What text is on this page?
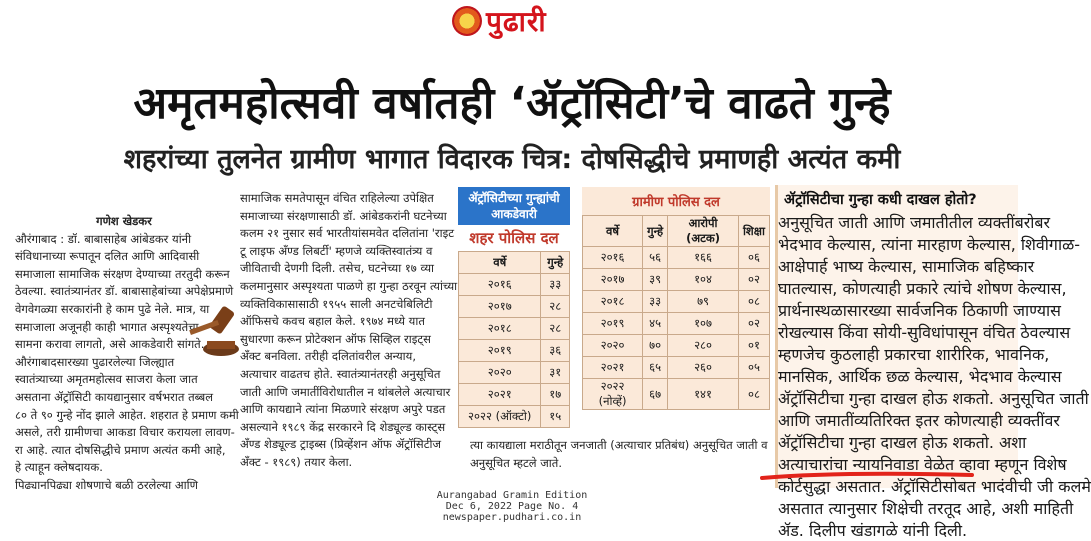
पुढारी
अमृतमहोत्सवी वर्षातही ‘ॲट्रॉसिटी’चे वाढते गुन्हे
शहरांच्या तुलनेत ग्रामीण भागात विदारक चित्र: दोषसिद्धीचे प्रमाणही अत्यंत कमी

गणेश खेडकर

औरंगाबाद : डॉ. बाबासाहेब आंबेडकर यांनी
संविधानाच्या रूपातून दलित आणि आदिवासी
समाजाला सामाजिक संरक्षण देण्याच्या तरतुदी करून
ठेवल्या. स्वातंत्र्यानंतर डॉ. बाबासाहेबांच्या अपेक्षेप्रमाणे
वेगवेगळ्या सरकारांनी हे काम पुढे नेले. मात्र, या
समाजाला अजूनही काही भागात अस्पृश्यतेचा
सामना करावा लागतो, असे आकडेवारी सांगते.
औरंगाबादसारख्या पुढारलेल्या जिल्ह्यात
स्वातंत्र्याच्या अमृतमहोत्सव साजरा केला जात
असताना ॲट्रॉसिटी कायद्यानुसार वर्षभरात तब्बल
८० ते ९० गुन्हे नोंद झाले आहेत. शहरात हे प्रमाण कमी
असले, तरी ग्रामीणचा आकडा विचार करायला लावण-
रा आहे. त्यात दोषसिद्धीचे प्रमाण अत्यंत कमी आहे,
हे त्याहून क्लेषदायक.
पिढ्यानपिढ्या शोषणाचे बळी ठरलेल्या आणि

सामाजिक समतेपासून वंचित राहिलेल्या उपेक्षित
समाजाच्या संरक्षणासाठी डॉ. आंबेडकरांनी घटनेच्या
कलम २१ नुसार सर्व भारतीयांसमवेत दलितांना 'राइट
टू लाइफ अँण्ड लिबर्टी' म्हणजे व्यक्तिस्वातंत्र्य व
जीविताची देणगी दिली. तसेच, घटनेच्या १७ व्या
कलमानुसार अस्पृश्यता पाळणे हा गुन्हा ठरवून त्यांच्या
व्यक्तिविकासासाठी १९५५ साली अनटचेबिलिटी
ऑफिसचे कवच बहाल केले. १९७४ मध्ये यात
सुधारणा करून प्रोटेक्शन ऑफ सिव्हिल राइट्स
अँक्ट बनविला. तरीही दलितांवरील अन्याय,
अत्याचार वाढतच होते. स्वातंत्र्यानंतरही अनुसूचित
जाती आणि जमातींविरोधातील न थांबलेले अत्याचार
आणि कायद्याने त्यांना मिळणारे संरक्षण अपुरे पडत
असल्याने १९८९ केंद्र सरकारने दि शेड्यूल्ड कास्ट्स
अँण्ड शेड्यूल्ड ट्राइब्स (प्रिव्हेंशन ऑफ ॲट्रॉसिटीज
अँक्ट - १९८९) तयार केला.

ॲट्रॉसिटीच्या गुन्ह्यांची आकडेवारी
शहर पोलिस दल
वर्षे	गुन्हे
२०१६	३३
२०१७	२८
२०१८	२८
२०१९	३६
२०२०	३१
२०२१	१७
२०२२ (ऑक्टो)	१५
ग्रामीण पोलिस दल
वर्षे	गुन्हे	आरोपी (अटक)	शिक्षा
२०१६	५६	१६६	०६
२०१७	३९	१०४	०२
२०१८	३३	७९	०८
२०१९	४५	१०७	०२
२०२०	७०	२८०	०१
२०२१	६५	२६०	०५
२०२२ (नोव्हें)	६७	१४१	०८
त्या कायद्याला मराठीतून जनजाती (अत्याचार प्रतिबंध) अनुसूचित जाती व अनुसूचित म्हटले जाते.
ॲट्रॉसिटीचा गुन्हा कधी दाखल होतो?
अनुसूचित जाती आणि जमातीतील व्यक्तींबरोबर
भेदभाव केल्यास, त्यांना मारहाण केल्यास, शिवीगाळ-
आक्षेपार्ह भाष्य केल्यास, सामाजिक बहिष्कार
घातल्यास, कोणत्याही प्रकारे त्यांचे शोषण केल्यास,
प्रार्थनास्थळासारख्या सार्वजनिक ठिकाणी जाण्यास
रोखल्यास किंवा सोयी-सुविधांपासून वंचित ठेवल्यास
म्हणजेच कुठलाही प्रकारचा शारीरिक, भावनिक,
मानसिक, आर्थिक छळ केल्यास, भेदभाव केल्यास
ॲट्रॉसिटीचा गुन्हा दाखल होऊ शकतो. अनुसूचित जाती
आणि जमातींव्यतिरिक्त इतर कोणत्याही व्यक्तींवर
ॲट्रॉसिटीचा गुन्हा दाखल होऊ शकतो. अशा
अत्याचारांचा न्यायनिवाडा वेळेत व्हावा म्हणून विशेष
कोर्टसुद्धा असतात. ॲट्रॉसिटीसोबत भादंवीची जी कलमे
असतात त्यानुसार शिक्षेची तरतूद आहे, अशी माहिती
ॲड. दिलीप खंडागळे यांनी दिली.
Aurangabad Gramin Edition
Dec 6, 2022 Page No. 4
newspaper.pudhari.co.in
